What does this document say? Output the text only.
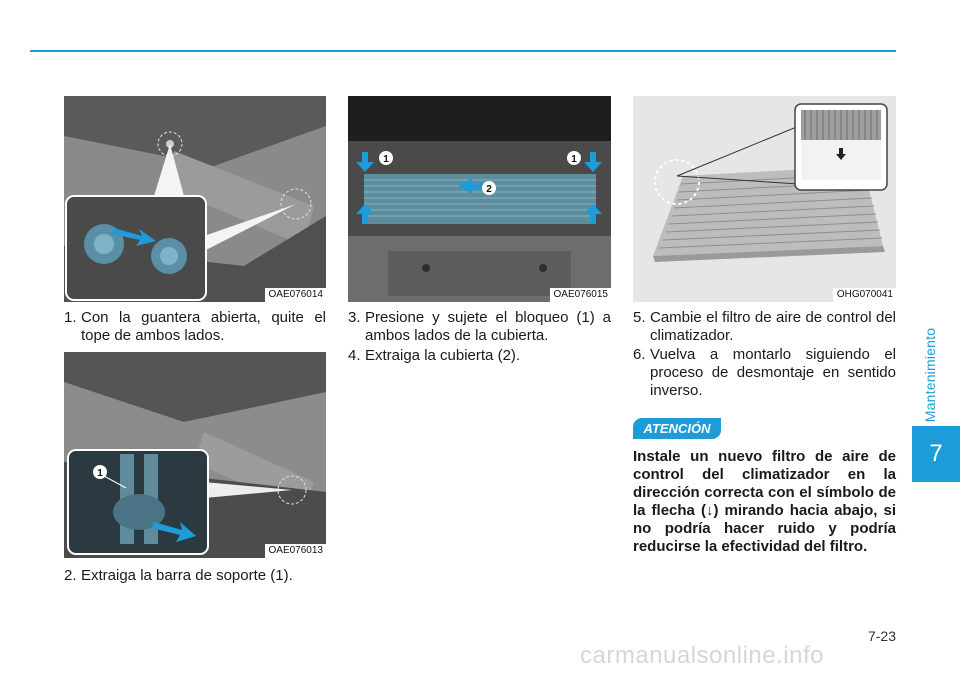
Mantenimiento
7
OAE076014
1
OAE076013
1	1
2
OAE076015	OHG070041
1. Con la guantera abierta, quite el tope de ambos lados.
2. Extraiga la barra de soporte (1).
3. Presione y sujete el bloqueo (1) a ambos lados de la cubierta.
4. Extraiga la cubierta (2).
5. Cambie el filtro de aire de control del climatizador.
6. Vuelva a montarlo siguiendo el proceso de desmontaje en sentido inverso.
ATENCIÓN
Instale un nuevo filtro de aire de control del climatizador en la dirección correcta con el símbolo de la flecha (↓) mirando hacia abajo, si no podría hacer ruido y podría reducirse la efectividad del filtro.
7-23
carmanualsonline.info
